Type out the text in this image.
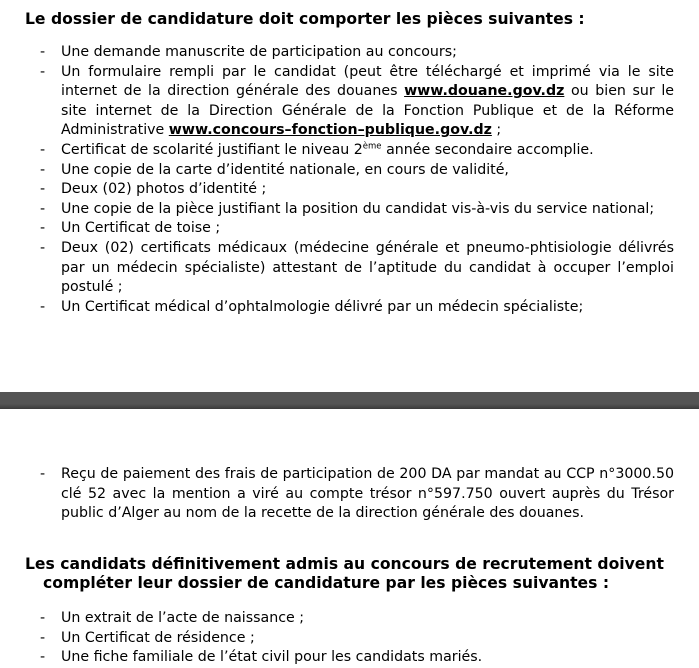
Le dossier de candidature doit comporter les pièces suivantes :

- Une demande manuscrite de participation au concours;
- Un formulaire rempli par le candidat (peut être téléchargé et imprimé via le site internet de la direction générale des douanes www.douane.gov.dz ou bien sur le site internet de la Direction Générale de la Fonction Publique et de la Réforme Administrative www.concours–fonction–publique.gov.dz ;
- Certificat de scolarité justifiant le niveau 2ème année secondaire accomplie.
- Une copie de la carte d’identité nationale, en cours de validité,
- Deux (02) photos d’identité ;
- Une copie de la pièce justifiant la position du candidat vis-à-vis du service national;
- Un Certificat de toise ;
- Deux (02) certificats médicaux (médecine générale et pneumo-phtisiologie délivrés par un médecin spécialiste) attestant de l’aptitude du candidat à occuper l’emploi postulé ;
- Un Certificat médical d’ophtalmologie délivré par un médecin spécialiste;
- Reçu de paiement des frais de participation de 200 DA par mandat au CCP n°3000.50 clé 52 avec la mention a viré au compte trésor n°597.750 ouvert auprès du Trésor public d’Alger au nom de la recette de la direction générale des douanes.

Les candidats définitivement admis au concours de recrutement doivent
compléter leur dossier de candidature par les pièces suivantes :

- Un extrait de l’acte de naissance ;
- Un Certificat de résidence ;
- Une fiche familiale de l’état civil pour les candidats mariés.
